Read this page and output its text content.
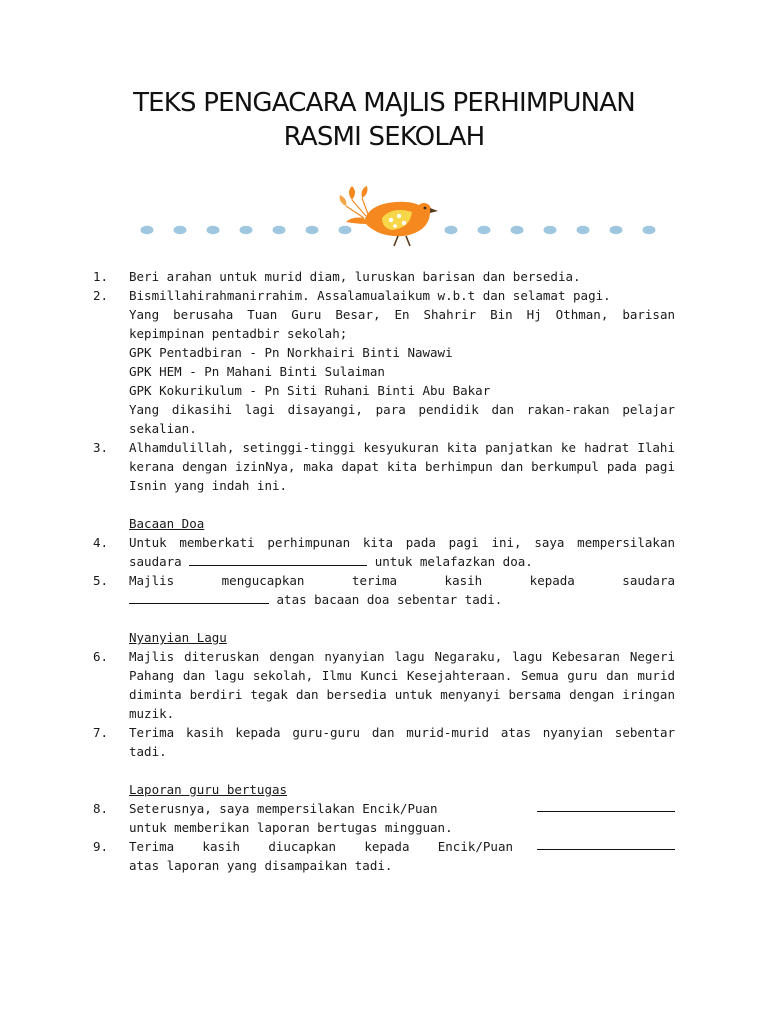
TEKS PENGACARA MAJLIS PERHIMPUNAN
RASMI SEKOLAH
1.	Beri arahan untuk murid diam, luruskan barisan dan bersedia.
2.	Bismillahirahmanirrahim. Assalamualaikum w.b.t dan selamat pagi.
Yang berusaha Tuan Guru Besar, En Shahrir Bin Hj Othman, barisan kepimpinan pentadbir sekolah;
GPK Pentadbiran - Pn Norkhairi Binti Nawawi
GPK HEM - Pn Mahani Binti Sulaiman
GPK Kokurikulum - Pn Siti Ruhani Binti Abu Bakar
Yang dikasihi lagi disayangi, para pendidik dan rakan-rakan pelajar sekalian.
3.	Alhamdulillah, setinggi-tinggi kesyukuran kita panjatkan ke hadrat Ilahi kerana dengan izinNya, maka dapat kita berhimpun dan berkumpul pada pagi Isnin yang indah ini.
Bacaan Doa
4.	Untuk memberkati perhimpunan kita pada pagi ini, saya mempersilakan saudara	untuk melafazkan doa.
5.	Majlis mengucapkan terima kasih kepada saudara
atas bacaan doa sebentar tadi.
Nyanyian Lagu
6.	Majlis diteruskan dengan nyanyian lagu Negaraku, lagu Kebesaran Negeri Pahang dan lagu sekolah, Ilmu Kunci Kesejahteraan. Semua guru dan murid diminta berdiri tegak dan bersedia untuk menyanyi bersama dengan iringan muzik.
7.	Terima kasih kepada guru-guru dan murid-murid atas nyanyian sebentar tadi.
Laporan guru bertugas
8.	Seterusnya, saya mempersilakan Encik/Puan
untuk memberikan laporan bertugas mingguan.
9.	Terima kasih diucapkan kepada Encik/Puan
atas laporan yang disampaikan tadi.
